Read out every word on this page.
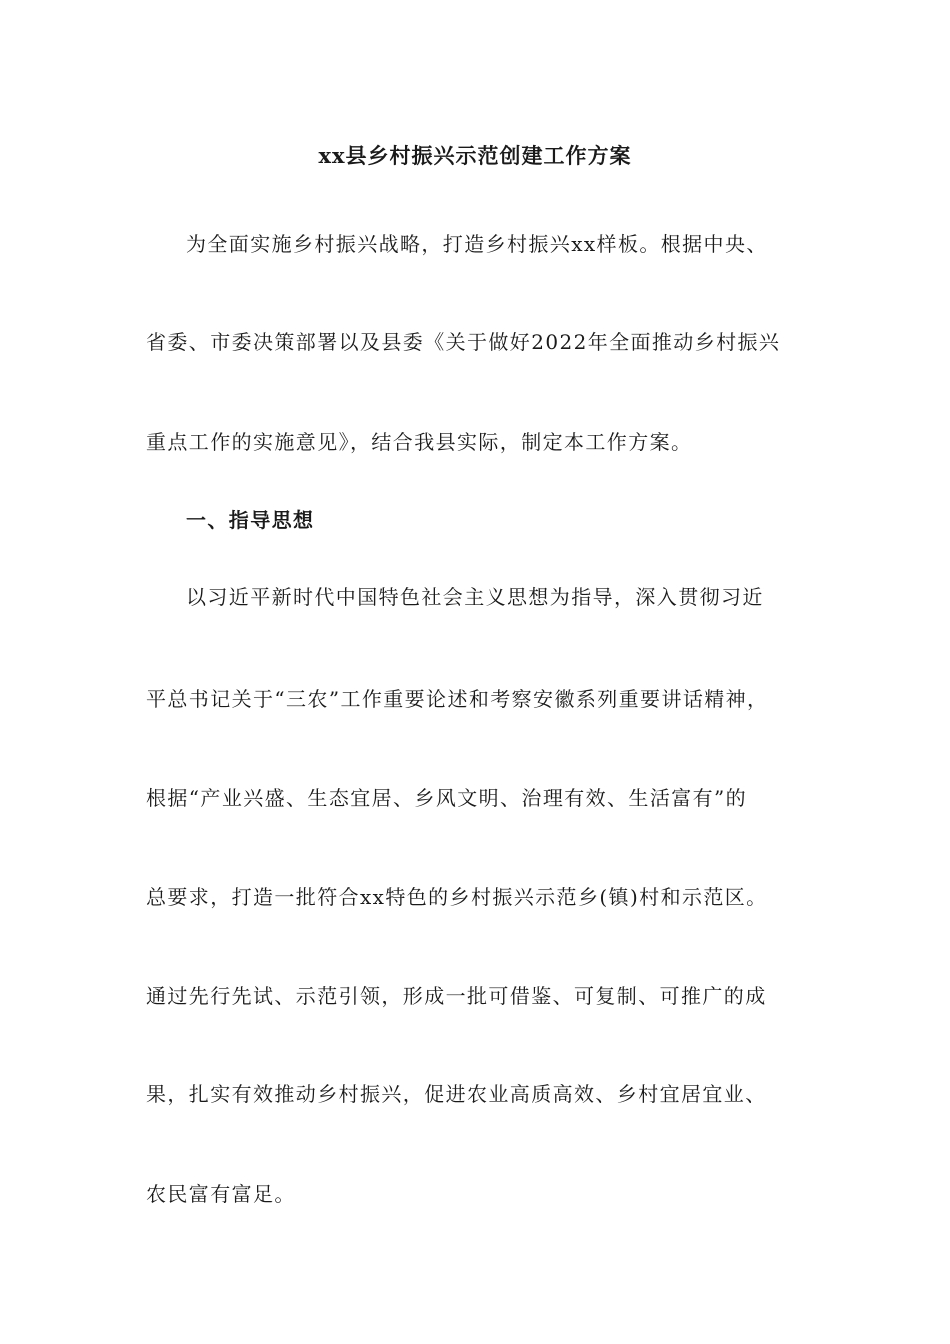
xx县乡村振兴示范创建工作方案
为全面实施乡村振兴战略，打造乡村振兴xx样板。根据中央、
省委、市委决策部署以及县委《关于做好2022年全面推动乡村振兴
重点工作的实施意见》，结合我县实际，制定本工作方案。
一、指导思想
以习近平新时代中国特色社会主义思想为指导，深入贯彻习近
平总书记关于“三农”工作重要论述和考察安徽系列重要讲话精神，
根据“产业兴盛、生态宜居、乡风文明、治理有效、生活富有”的
总要求，打造一批符合xx特色的乡村振兴示范乡(镇)村和示范区。
通过先行先试、示范引领，形成一批可借鉴、可复制、可推广的成
果，扎实有效推动乡村振兴，促进农业高质高效、乡村宜居宜业、
农民富有富足。
